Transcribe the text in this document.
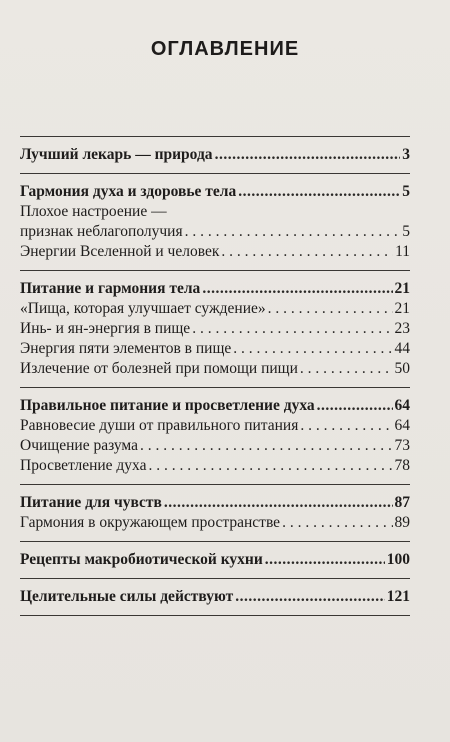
ОГЛАВЛЕНИЕ
Лучший лекарь — природа .....	3
Гармония духа и здоровье тела .....	5
Плохое настроение —
признак неблагополучия . . .	5
Энергии Вселенной и человек . . .	11
Питание и гармония тела .....	21
«Пища, которая улучшает суждение» . . .	21
Инь- и ян-энергия в пище . . .	23
Энергия пяти элементов в пище . . .	44
Излечение от болезней при помощи пищи . . .	50
Правильное питание и просветление духа .....	64
Равновесие души от правильного питания . . .	64
Очищение разума . . .	73
Просветление духа . . .	78
Питание для чувств .....	87
Гармония в окружающем пространстве . . .	89
Рецепты макробиотической кухни .....	100
Целительные силы действуют .....	121
